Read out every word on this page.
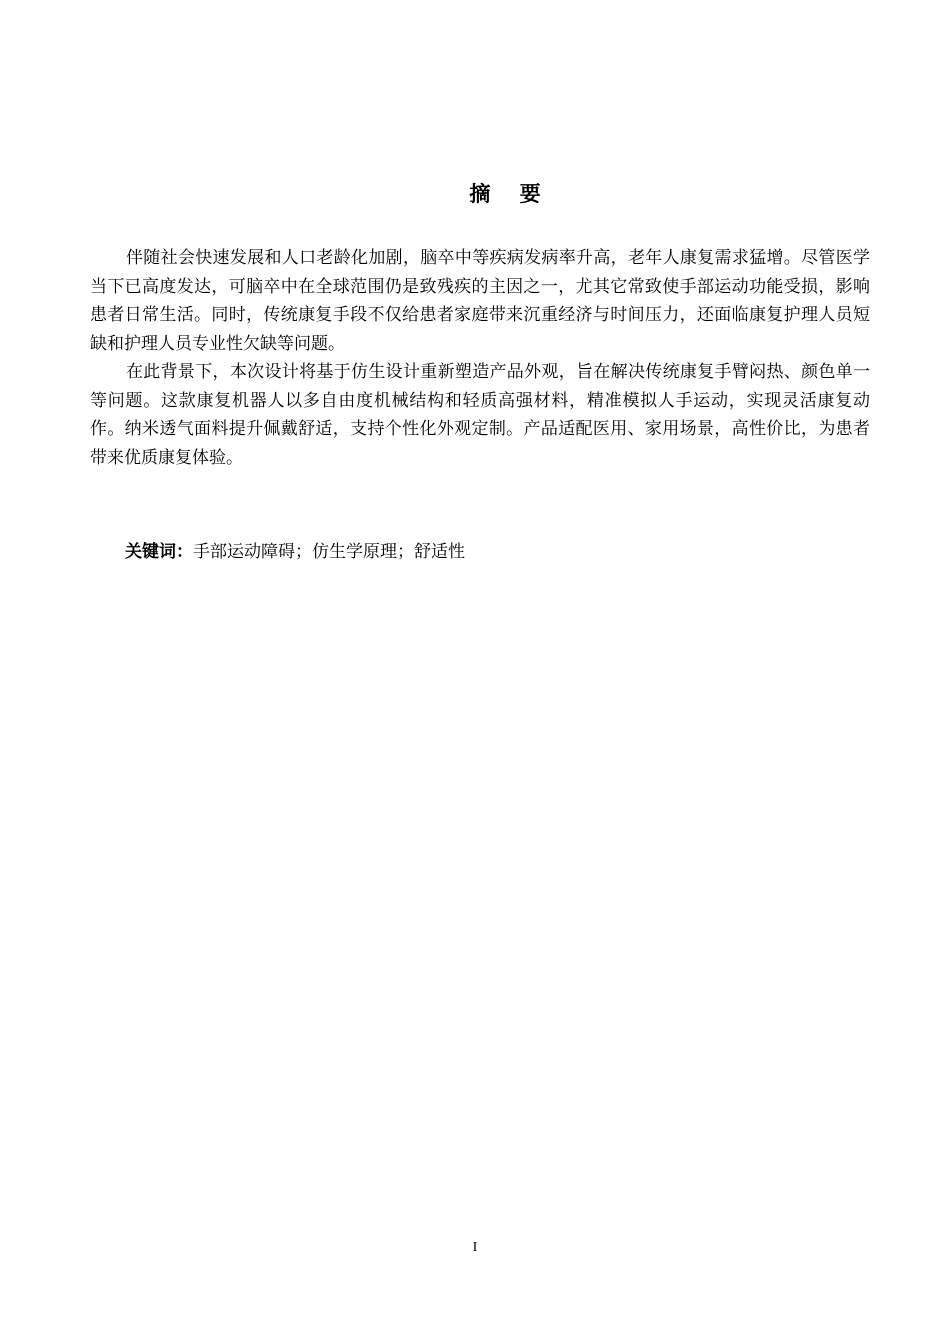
摘    要

伴随社会快速发展和人口老龄化加剧，脑卒中等疾病发病率升高，老年人康复需求猛增。尽管医学当下已高度发达，可脑卒中在全球范围仍是致残疾的主因之一，尤其它常致使手部运动功能受损，影响患者日常生活。同时，传统康复手段不仅给患者家庭带来沉重经济与时间压力，还面临康复护理人员短缺和护理人员专业性欠缺等问题。

在此背景下，本次设计将基于仿生设计重新塑造产品外观，旨在解决传统康复手臂闷热、颜色单一等问题。这款康复机器人以多自由度机械结构和轻质高强材料，精准模拟人手运动，实现灵活康复动作。纳米透气面料提升佩戴舒适，支持个性化外观定制。产品适配医用、家用场景，高性价比，为患者带来优质康复体验。

关键词：手部运动障碍；仿生学原理；舒适性
I
